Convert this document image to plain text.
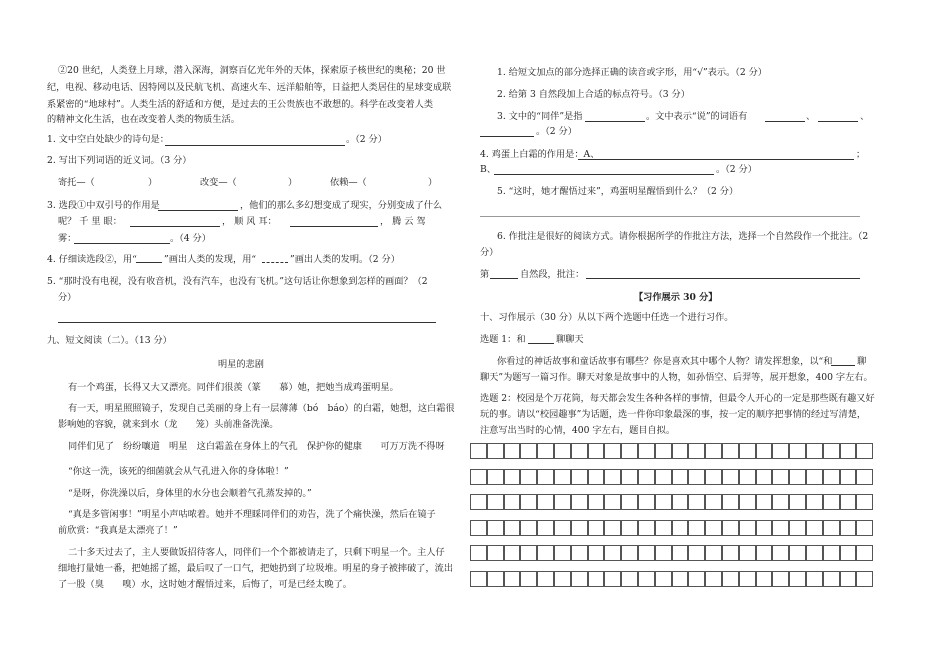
②20 世纪，人类登上月球，潜入深海，洞察百亿光年外的天体，探索原子核世纪的奥秘；20 世
纪，电视、移动电话、因特网以及民航飞机、高速火车、远洋船舶等，日益把人类居住的星球变成联
系紧密的“地球村”。人类生活的舒适和方便，是过去的王公贵族也不敢想的。科学在改变着人类
的精神文化生活，也在改变着人类的物质生活。
1. 文中空白处缺少的诗句是：	。（2 分）
2. 写出下列词语的近义词。（3 分）
寄托—（	）	改变—（	）	依赖—（	）
3. 选段①中双引号的作用是	，他们的那么多幻想变成了现实，分别变成了什么
呢？ 千 里 眼：	， 顺 风 耳：	， 腾 云 驾
雾：	。（4 分）
4. 仔细读选段②，用“	”画出人类的发现，用“	”画出人类的发明。（2 分）
5. “那时没有电视，没有收音机，没有汽车，也没有飞机。”这句话让你想象到怎样的画面？（2
分）
九、短文阅读（二）。（13 分）
明星的悲剧
有一个鸡蛋，长得又大又漂亮。同伴们很羡（篆　　慕）她，把她当成鸡蛋明星。
有一天，明星照照镜子，发现自己美丽的身上有一层薄薄（bó　báo）的白霜，她想，这白霜很
影响她的容貌，就来到水（龙　　笼）头前准备洗澡。
同伴们见了　纷纷嚷道　明星　这白霜盖在身体上的气孔　保护你的健康　　可万万洗不得呀
“你这一洗，该死的细菌就会从气孔进入你的身体啦！”
“是呀，你洗澡以后，身体里的水分也会顺着气孔蒸发掉的。”
“真是多管闲事！”明星小声咕哝着。她并不理睬同伴们的劝告，洗了个痛快澡，然后在镜子
前欣赏：“我真是太漂亮了！”
二十多天过去了，主人要做饭招待客人，同伴们一个个都被请走了，只剩下明星一个。主人仔
细地打量她一番，把她摇了摇，最后叹了一口气，把她扔到了垃圾堆。明星的身子被摔破了，流出
了一股（臭　　嗅）水，这时她才醒悟过来，后悔了，可是已经太晚了。
1. 给短文加点的部分选择正确的读音或字形，用“√”表示。（2 分）
2. 给第 3 自然段加上合适的标点符号。（3 分）
3. 文中的“同伴”是指	。文中表示“说”的词语有	、	、
。（2 分）
4. 鸡蛋上白霜的作用是：A、	；
B、	。（2 分）
5. “这时，她才醒悟过来”，鸡蛋明星醒悟到什么？（2 分）
6. 作批注是很好的阅读方式。请你根据所学的作批注方法，选择一个自然段作一个批注。（2
分）
第	自然段，批注：
【习作展示 30 分】
十、习作展示（30 分）从以下两个选题中任选一个进行习作。
选题 1：和	聊聊天
你看过的神话故事和童话故事有哪些？你是喜欢其中哪个人物？请发挥想象，以“和	聊
聊天”为题写一篇习作。聊天对象是故事中的人物，如孙悟空、后羿等，展开想象，400 字左右。
选题 2：校园是个万花筒，每天都会发生各种各样的事情，但最令人开心的一定是那些既有趣又好
玩的事。请以“校园趣事”为话题，选一件你印象最深的事，按一定的顺序把事情的经过写清楚，
注意写出当时的心情，400 字左右，题目自拟。
